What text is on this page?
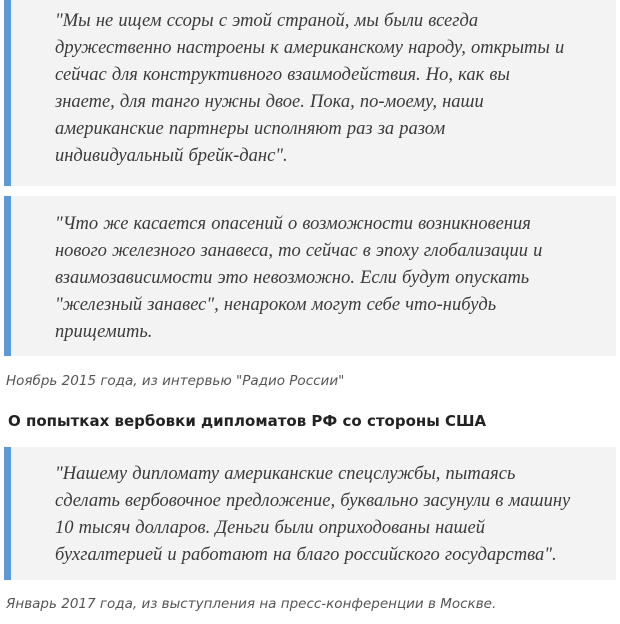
"Мы не ищем ссоры с этой страной, мы были всегда
дружественно настроены к американскому народу, открыты и
сейчас для конструктивного взаимодействия. Но, как вы
знаете, для танго нужны двое. Пока, по-моему, наши
американские партнеры исполняют раз за разом
индивидуальный брейк-данс".
"Что же касается опасений о возможности возникновения
нового железного занавеса, то сейчас в эпоху глобализации и
взаимозависимости это невозможно. Если будут опускать
"железный занавес", ненароком могут себе что-нибудь
прищемить.
Ноябрь 2015 года, из интервью "Радио России"
О попытках вербовки дипломатов РФ со стороны США
"Нашему дипломату американские спецслужбы, пытаясь
сделать вербовочное предложение, буквально засунули в машину
10 тысяч долларов. Деньги были оприходованы нашей
бухгалтерией и работают на благо российского государства".
Январь 2017 года, из выступления на пресс-конференции в Москве.
